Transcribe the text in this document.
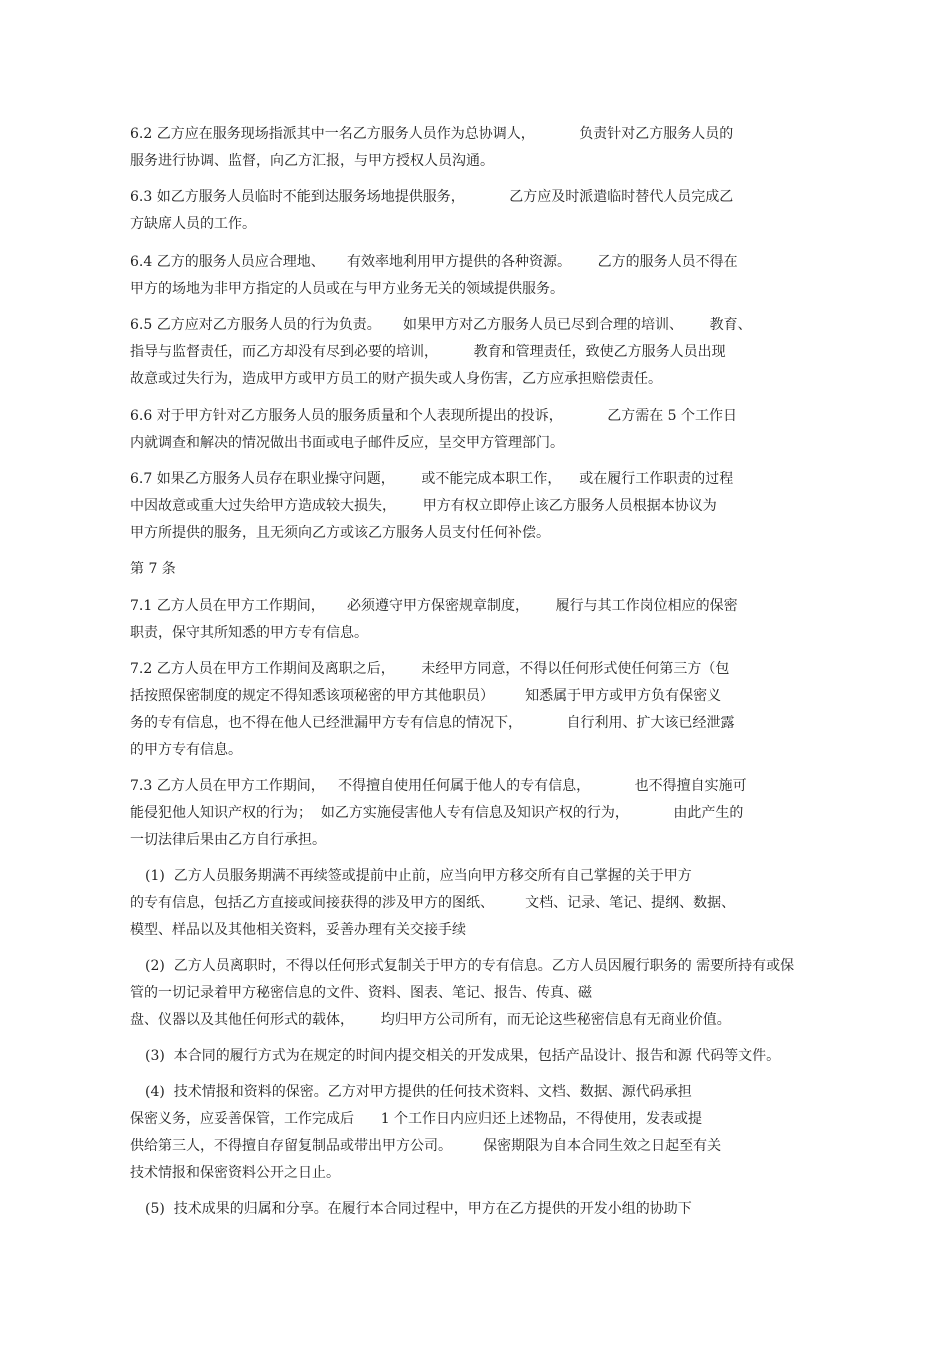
6.2 乙方应在服务现场指派其中一名乙方服务人员作为总协调人，          负责针对乙方服务人员的
服务进行协调、监督，向乙方汇报，与甲方授权人员沟通。
6.3 如乙方服务人员临时不能到达服务场地提供服务，          乙方应及时派遣临时替代人员完成乙
方缺席人员的工作。
6.4 乙方的服务人员应合理地、     有效率地利用甲方提供的各种资源。      乙方的服务人员不得在
甲方的场地为非甲方指定的人员或在与甲方业务无关的领域提供服务。
6.5 乙方应对乙方服务人员的行为负责。     如果甲方对乙方服务人员已尽到合理的培训、      教育、
指导与监督责任，而乙方却没有尽到必要的培训，        教育和管理责任，致使乙方服务人员出现
故意或过失行为，造成甲方或甲方员工的财产损失或人身伤害，乙方应承担赔偿责任。
6.6 对于甲方针对乙方服务人员的服务质量和个人表现所提出的投诉，          乙方需在 5 个工作日
内就调查和解决的情况做出书面或电子邮件反应，呈交甲方管理部门。
6.7 如果乙方服务人员存在职业操守问题，      或不能完成本职工作，    或在履行工作职责的过程
中因故意或重大过失给甲方造成较大损失，      甲方有权立即停止该乙方服务人员根据本协议为
甲方所提供的服务，且无须向乙方或该乙方服务人员支付任何补偿。
第 7 条
7.1 乙方人员在甲方工作期间，     必须遵守甲方保密规章制度，      履行与其工作岗位相应的保密
职责，保守其所知悉的甲方专有信息。
7.2 乙方人员在甲方工作期间及离职之后，      未经甲方同意，不得以任何形式使任何第三方（包
括按照保密制度的规定不得知悉该项秘密的甲方其他职员）       知悉属于甲方或甲方负有保密义
务的专有信息，也不得在他人已经泄漏甲方专有信息的情况下，          自行利用、扩大该已经泄露
的甲方专有信息。
7.3 乙方人员在甲方工作期间，   不得擅自使用任何属于他人的专有信息，          也不得擅自实施可
能侵犯他人知识产权的行为；  如乙方实施侵害他人专有信息及知识产权的行为，          由此产生的
一切法律后果由乙方自行承担。
(1)  乙方人员服务期满不再续签或提前中止前，应当向甲方移交所有自己掌握的关于甲方
的专有信息，包括乙方直接或间接获得的涉及甲方的图纸、       文档、记录、笔记、提纲、数据、
模型、样品以及其他相关资料，妥善办理有关交接手续
(2)  乙方人员离职时，不得以任何形式复制关于甲方的专有信息。乙方人员因履行职务的 需要所持有或保
管的一切记录着甲方秘密信息的文件、资料、图表、笔记、报告、传真、磁
盘、仪器以及其他任何形式的载体，      均归甲方公司所有，而无论这些秘密信息有无商业价值。
(3)  本合同的履行方式为在规定的时间内提交相关的开发成果，包括产品设计、报告和源 代码等文件。
(4)  技术情报和资料的保密。乙方对甲方提供的任何技术资料、文档、数据、源代码承担
保密义务，应妥善保管，工作完成后      1 个工作日内应归还上述物品，不得使用，发表或提
供给第三人，不得擅自存留复制品或带出甲方公司。       保密期限为自本合同生效之日起至有关
技术情报和保密资料公开之日止。
(5)  技术成果的归属和分享。在履行本合同过程中，甲方在乙方提供的开发小组的协助下
